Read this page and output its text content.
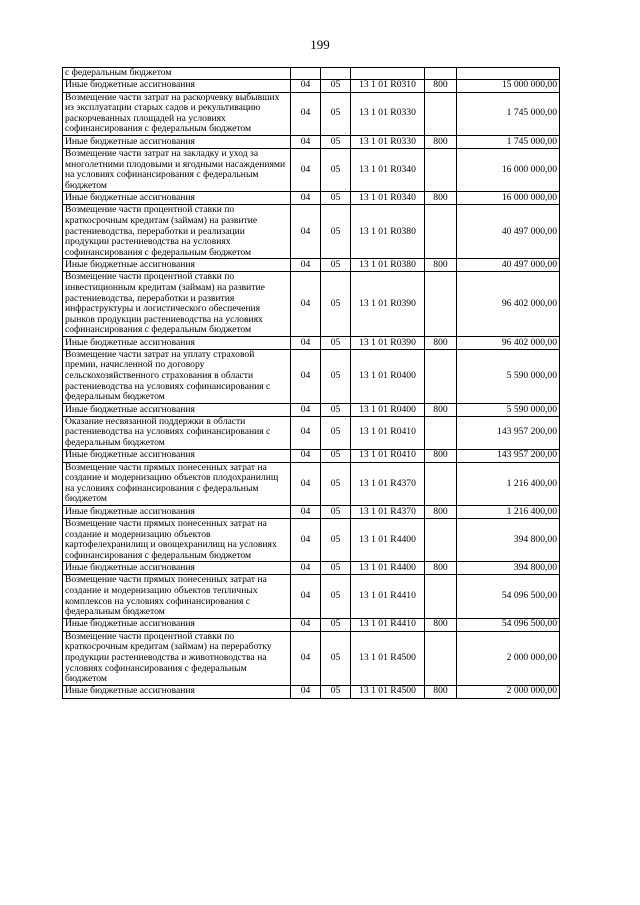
199
с федеральным бюджетом					
Иные бюджетные ассигнования	04	05	13 1 01 R0310	800	15 000 000,00
Возмещение части затрат на раскорчевку выбывших из эксплуатации старых садов и рекультивацию раскорчеванных площадей на условиях софинансирования с федеральным бюджетом	04	05	13 1 01 R0330		1 745 000,00
Иные бюджетные ассигнования	04	05	13 1 01 R0330	800	1 745 000,00
Возмещение части затрат на закладку и уход за многолетними плодовыми и ягодными насаждениями на условиях софинансирования с федеральным бюджетом	04	05	13 1 01 R0340		16 000 000,00
Иные бюджетные ассигнования	04	05	13 1 01 R0340	800	16 000 000,00
Возмещение части процентной ставки по краткосрочным кредитам (займам) на развитие растениеводства, переработки и реализации продукции растениеводства на условиях софинансирования с федеральным бюджетом	04	05	13 1 01 R0380		40 497 000,00
Иные бюджетные ассигнования	04	05	13 1 01 R0380	800	40 497 000,00
Возмещение части процентной ставки по инвестиционным кредитам (займам) на развитие растениеводства, переработки и развития инфраструктуры и логистического обеспечения рынков продукции растениеводства на условиях софинансирования с федеральным бюджетом	04	05	13 1 01 R0390		96 402 000,00
Иные бюджетные ассигнования	04	05	13 1 01 R0390	800	96 402 000,00
Возмещение части затрат на уплату страховой премии, начисленной по договору сельскохозяйственного страхования в области растениеводства на условиях софинансирования с федеральным бюджетом	04	05	13 1 01 R0400		5 590 000,00
Иные бюджетные ассигнования	04	05	13 1 01 R0400	800	5 590 000,00
Оказание несвязанной поддержки в области растениеводства на условиях софинансирования с федеральным бюджетом	04	05	13 1 01 R0410		143 957 200,00
Иные бюджетные ассигнования	04	05	13 1 01 R0410	800	143 957 200,00
Возмещение части прямых понесенных затрат на создание и модернизацию объектов плодохранилищ на условиях софинансирования с федеральным бюджетом	04	05	13 1 01 R4370		1 216 400,00
Иные бюджетные ассигнования	04	05	13 1 01 R4370	800	1 216 400,00
Возмещение части прямых понесенных затрат на создание и модернизацию объектов картофелехранилищ и овощехранилищ на условиях софинансирования с федеральным бюджетом	04	05	13 1 01 R4400		394 800,00
Иные бюджетные ассигнования	04	05	13 1 01 R4400	800	394 800,00
Возмещение части прямых понесенных затрат на создание и модернизацию объектов тепличных комплексов на условиях софинансирования с федеральным бюджетом	04	05	13 1 01 R4410		54 096 500,00
Иные бюджетные ассигнования	04	05	13 1 01 R4410	800	54 096 500,00
Возмещение части процентной ставки по краткосрочным кредитам (займам) на переработку продукции растениеводства и животноводства на условиях софинансирования с федеральным бюджетом	04	05	13 1 01 R4500		2 000 000,00
Иные бюджетные ассигнования	04	05	13 1 01 R4500	800	2 000 000,00
